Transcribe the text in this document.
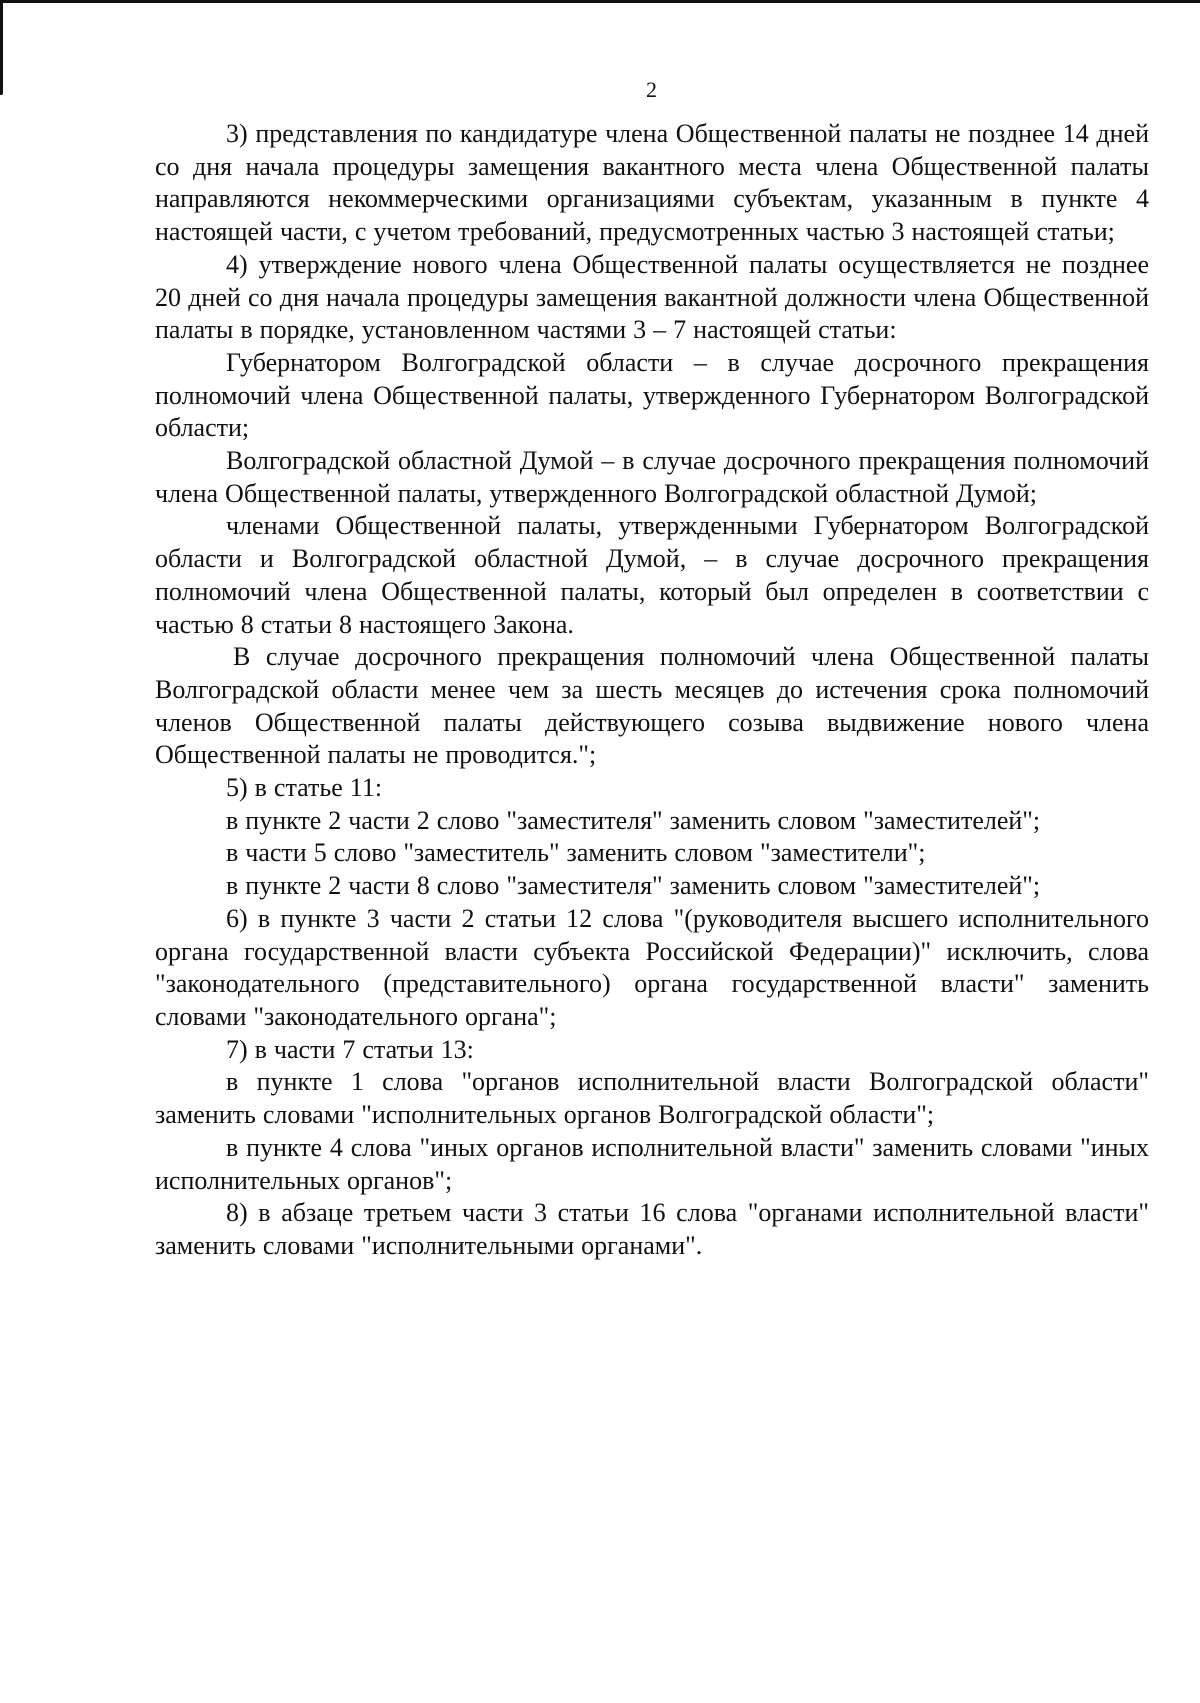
2

3) представления по кандидатуре члена Общественной палаты не позднее 14 дней со дня начала процедуры замещения вакантного места члена Общественной палаты направляются некоммерческими организациями субъектам, указанным в пункте 4 настоящей части, с учетом требований, предусмотренных частью 3 настоящей статьи;

4) утверждение нового члена Общественной палаты осуществляется не позднее 20 дней со дня начала процедуры замещения вакантной должности члена Общественной палаты в порядке, установленном частями 3 – 7 настоящей статьи:

Губернатором Волгоградской области – в случае досрочного прекращения полномочий члена Общественной палаты, утвержденного Губернатором Волгоградской области;

Волгоградской областной Думой – в случае досрочного прекращения полномочий члена Общественной палаты, утвержденного Волгоградской областной Думой;

членами Общественной палаты, утвержденными Губернатором Волгоградской области и Волгоградской областной Думой, – в случае досрочного прекращения полномочий члена Общественной палаты, который был определен в соответствии с частью 8 статьи 8 настоящего Закона.

В случае досрочного прекращения полномочий члена Общественной палаты Волгоградской области менее чем за шесть месяцев до истечения срока полномочий членов Общественной палаты действующего созыва выдвижение нового члена Общественной палаты не проводится.";

5) в статье 11:

в пункте 2 части 2 слово "заместителя" заменить словом "заместителей";

в части 5 слово "заместитель" заменить словом "заместители";

в пункте 2 части 8 слово "заместителя" заменить словом "заместителей";

6) в пункте 3 части 2 статьи 12 слова "(руководителя высшего исполнительного органа государственной власти субъекта Российской Федерации)" исключить, слова "законодательного (представительного) органа государственной власти" заменить словами "законодательного органа";

7) в части 7 статьи 13:

в пункте 1 слова "органов исполнительной власти Волгоградской области" заменить словами "исполнительных органов Волгоградской области";

в пункте 4 слова "иных органов исполнительной власти" заменить словами "иных исполнительных органов";

8) в абзаце третьем части 3 статьи 16 слова "органами исполнительной власти" заменить словами "исполнительными органами".
